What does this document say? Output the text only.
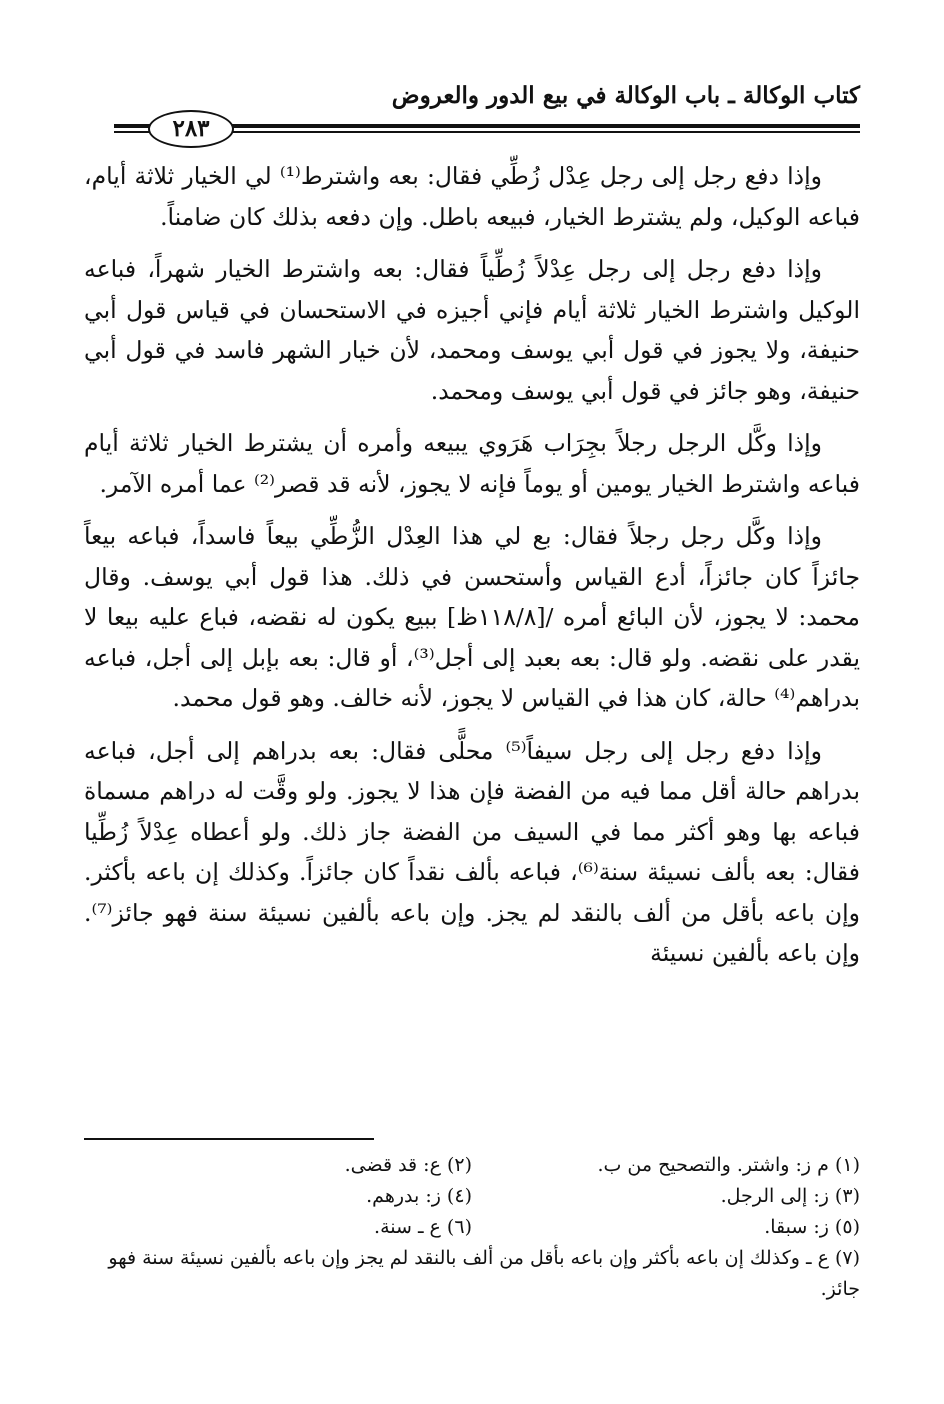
كتاب الوكالة ـ باب الوكالة في بيع الدور والعروض
٢٨٣

وإذا دفع رجل إلى رجل عِدْل زُطِّي فقال: بعه واشترط⁽¹⁾ لي الخيار ثلاثة أيام، فباعه الوكيل، ولم يشترط الخيار، فبيعه باطل. وإن دفعه بذلك كان ضامناً.

وإذا دفع رجل إلى رجل عِدْلاً زُطِّياً فقال: بعه واشترط الخيار شهراً، فباعه الوكيل واشترط الخيار ثلاثة أيام فإني أجيزه في الاستحسان في قياس قول أبي حنيفة، ولا يجوز في قول أبي يوسف ومحمد، لأن خيار الشهر فاسد في قول أبي حنيفة، وهو جائز في قول أبي يوسف ومحمد.

وإذا وكَّل الرجل رجلاً بجِرَاب هَرَوي يبيعه وأمره أن يشترط الخيار ثلاثة أيام فباعه واشترط الخيار يومين أو يوماً فإنه لا يجوز، لأنه قد قصر⁽²⁾ عما أمره الآمر.

وإذا وكَّل رجل رجلاً فقال: بع لي هذا العِدْل الزُّطِّي بيعاً فاسداً، فباعه بيعاً جائزاً كان جائزاً، أدع القياس وأستحسن في ذلك. هذا قول أبي يوسف. وقال محمد: لا يجوز، لأن البائع أمره /[١١٨/٨ظ] ببيع يكون له نقضه، فباع عليه بيعا لا يقدر على نقضه. ولو قال: بعه بعبد إلى أجل⁽³⁾، أو قال: بعه بإبل إلى أجل، فباعه بدراهم⁽⁴⁾ حالة، كان هذا في القياس لا يجوز، لأنه خالف. وهو قول محمد.

وإذا دفع رجل إلى رجل سيفاً⁽⁵⁾ محلًّى فقال: بعه بدراهم إلى أجل، فباعه بدراهم حالة أقل مما فيه من الفضة فإن هذا لا يجوز. ولو وقَّت له دراهم مسماة فباعه بها وهو أكثر مما في السيف من الفضة جاز ذلك. ولو أعطاه عِدْلاً زُطِّيا فقال: بعه بألف نسيئة سنة⁽⁶⁾، فباعه بألف نقداً كان جائزاً. وكذلك إن باعه بأكثر. وإن باعه بأقل من ألف بالنقد لم يجز. وإن باعه بألفين نسيئة سنة فهو جائز⁽⁷⁾. وإن باعه بألفين نسيئة

(١) م ز: واشتر. والتصحيح من ب.
(٢) ع: قد قضى.
(٣) ز: إلى الرجل.
(٤) ز: بدرهم.
(٥) ز: سبقا.
(٦) ع ـ سنة.
(٧) ع ـ وكذلك إن باعه بأكثر وإن باعه بأقل من ألف بالنقد لم يجز وإن باعه بألفين نسيئة سنة فهو جائز.
